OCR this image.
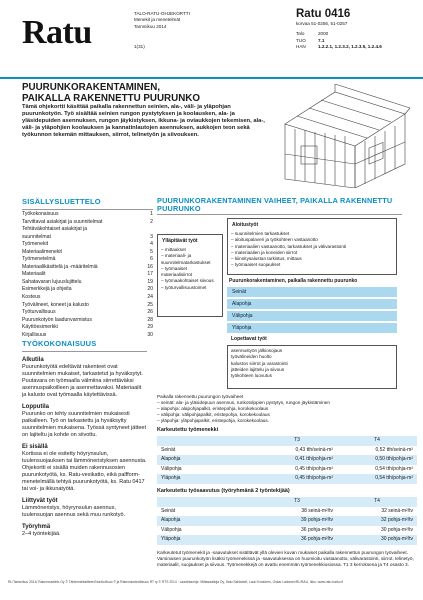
Ratu
TALO-RATU-OHJEKORTTI
Menekit ja menetelmät
Tammikuu 2014
1(31)
Ratu 0416
korvaa 51-0256, 51-0257
Talo	2000
TUO	7.1
HAN	1.2.2.1, 1.2.3.2, 1.2.3.5, 1.2.4.6
PUURUNKORAKENTAMINEN,
PAIKALLA RAKENNETTU PUURUNKO
Tämä ohjekortti käsittää paikalla rakennettun seinien, ala-, väli- ja yläpohjan puurunkotyön. Työ sisältää seinien rungon pystytyksen ja koolausken, ala- ja yläsidepuiden asennuksen, rungon jäykistyksen, ikkuna- ja oviaukkojen tekemisen, ala-, väli- ja yläpohjien koolauksen ja kannatinlautojen asennuksen, aukkojen teon sekä työkunnon tekemän mittauksen, siirrot, telinetyön ja siivouksen.
SISÄLLYSLUETTELO
Työkokonaisuus	1
Tarvittavat asiakirjat ja suunnitelmat	2
Tehtäväkohtaiset asiakirjat ja
suunnitelmat	3
Työmenekit	4
Materiaalimenekit	5
Työmenetelmä	6
Materiaalikäsittelä ja -määritelmiä	16
Materiaalit	17
Sahatavaran lujuuslujittelu	19
Esimerkkejä ja ohjeita	20
Kosteus	24
Työvälineet, koneet ja kalusto	25
Työturvallisuus	26
Puurunkotyön laadunvarmistus	28
Käyttöesimerkki	29
Kirjallisuus	30
TYÖKOKONAISUUS
Alkutila

Puurunkotyötä edeltävät rakenteet ovat suunnitelmien mukaiset, tarkastetut ja hyväksytyt. Puutavara on työmaalla välmiina siirrettäväksi asennuspaikoilleen ja asennettavaksi. Materiaalit ja kalusto ovat työmaalla käytettävissä.

Lopputila

Puurunko on tehty suunnitelmien mukaisesti paikalleen. Työ on tarkastettu ja hyväksytty suunnitelmien mukaisena. Työssä syntyneet jätteet on lajiteltu ja kohde on siivottu.

Ei sisällä

Kortissa ei ole esitetty höyrynsulun, tuulensuojauksen tai lämmöneristyksen asennusta. Ohjekortti ei sisällä muiden rakennusosien puurunkotyötä, ks. Ratu-vesikatto, eikä palfform-menetelmällä tehtyä puurunkotyötä, ks. Ratu 0417 tai voi- ja ikkunatyötä.

Liittyvät työt

Lämmöneristys, höyrynsulun asennus, tuulensuojan asennus sekä muu runkotyö.

Työryhmä

2–4 työntekijää.

PUURUNKORAKENTAMINEN VAIHEET, PAIKALLA RAKENNETTU PUURUNKO
Aloitustyöt
– suunnitelmien tarkastukset
– aloituspalaveri ja työkohteen vastaanotto
– materiaalien vastaanotto, tarkastukset ja välivarastointi
– materiaalien ja koneiden siirrot
– kiinnitysalustan tarkistus, mittaus
– työmaaiset suojaukset
Ylläpitävät työt
– mittaukset
– materiaali- ja suunnitelmatarkastukset
– työmaaiset materiaalisiirrot
– työmaakohtaiset siivous
– työturvallisuustoimet
Puurunkorakentaminen, paikalla rakennettu puurunko
Seinät
Alapohja
Välipohja
Yläpohja
Lopettavat työt
asennustyön jälkiosojaus
työvälineiden huolto
kaluston siirrot ja varastointi
jätteiden lajittelu ja siivous
työkohteen luovutus
Paikalla rakennettu puurungon työvaiheet
– seinät: ala- ja yläsidepuun asennus, runkotolppien pystytys, rungon jäykistäminen
– alapohja: alapohjapalkit, eristepohja, korokekoolaus
– välipohja: välipohjapalkit, eristepohja, korokekoolaus
– yläpohja: yläpohjapalkit, eristepohja, korokekoolaus.
Karkeutettu työmenekki
	T3	T4
Seinät	0,43 tth/seinä-m²	0,52 tth/seinä-m²
Alapohja	0,41 tth/pohja-m²	0,50 tth/pohja-m²
Välipohja	0,45 tth/pohja-m²	0,54 tth/pohja-m²
Yläpohja	0,45 tth/pohja-m²	0,54 tth/pohja-m²
Karkeutettu työsaavutus (työryhmänä 2 työntekijää)
	T3	T4
Seinät	38 seinä-m²/tv	32 seinä-m²/tv
Alapohja	39 pohja-m²/tv	32 pohja-m²/tv
Välipohja	36 pohja-m²/tv	30 pohja-m²/tv
Yläpohja	36 pohja-m²/tv	30 pohja-m²/tv
Karkeutetut työmenekit ja -saavutukset sisältävät yllä olevien kuvan mukaiset paikalla rakennettun puurungon työvaiheet. Varsinaisen puurunkotyön lisäksi työmenekissä ja -saavutuksessa on huomioitu vastaanotto, välivarastointi, siirrot, telinetyö, materiaalit, suojaukset ja siivous. Työmenekkejä on avattu enemmän työmenekkiosiossa. T1 3 kerroksena ja T4 osasto 3.
RL/Tammikuu 2014/ Rakennustieto Oy © Tähtemäntaitteen/Nordic/lisuo © ja Rakennusteollisuus RT ry © RTS 2014 · Laadintaohje: Mittasaattoja Oy, Satu Sahlstedt, Lauri Koskinen, Oskar Laitonen/RL/RAU, Ikko: www.ratu-harko.fi
